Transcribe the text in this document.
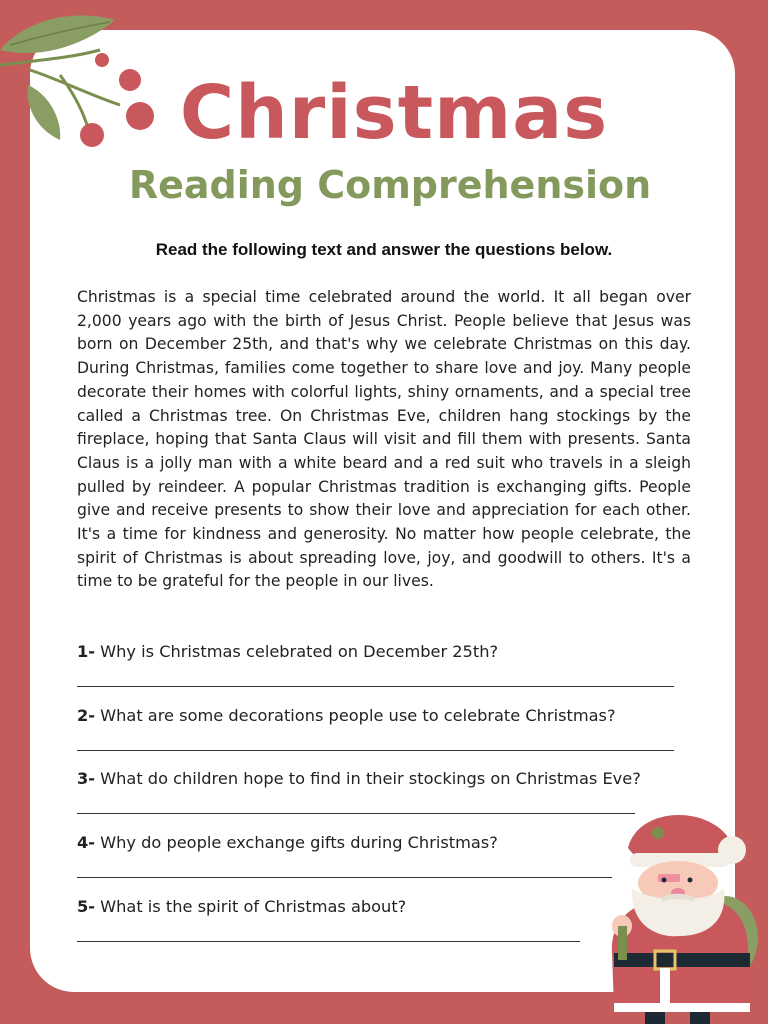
Christmas
Reading Comprehension

Read the following text and answer the questions below.

Christmas is a special time celebrated around the world. It all began over 2,000 years ago with the birth of Jesus Christ. People believe that Jesus was born on December 25th, and that's why we celebrate Christmas on this day. During Christmas, families come together to share love and joy. Many people decorate their homes with colorful lights, shiny ornaments, and a special tree called a Christmas tree. On Christmas Eve, children hang stockings by the fireplace, hoping that Santa Claus will visit and fill them with presents. Santa Claus is a jolly man with a white beard and a red suit who travels in a sleigh pulled by reindeer. A popular Christmas tradition is exchanging gifts. People give and receive presents to show their love and appreciation for each other. It's a time for kindness and generosity. No matter how people celebrate, the spirit of Christmas is about spreading love, joy, and goodwill to others. It's a time to be grateful for the people in our lives.

1- Why is Christmas celebrated on December 25th?
2- What are some decorations people use to celebrate Christmas?
3- What do children hope to find in their stockings on Christmas Eve?
4- Why do people exchange gifts during Christmas?
5- What is the spirit of Christmas about?
